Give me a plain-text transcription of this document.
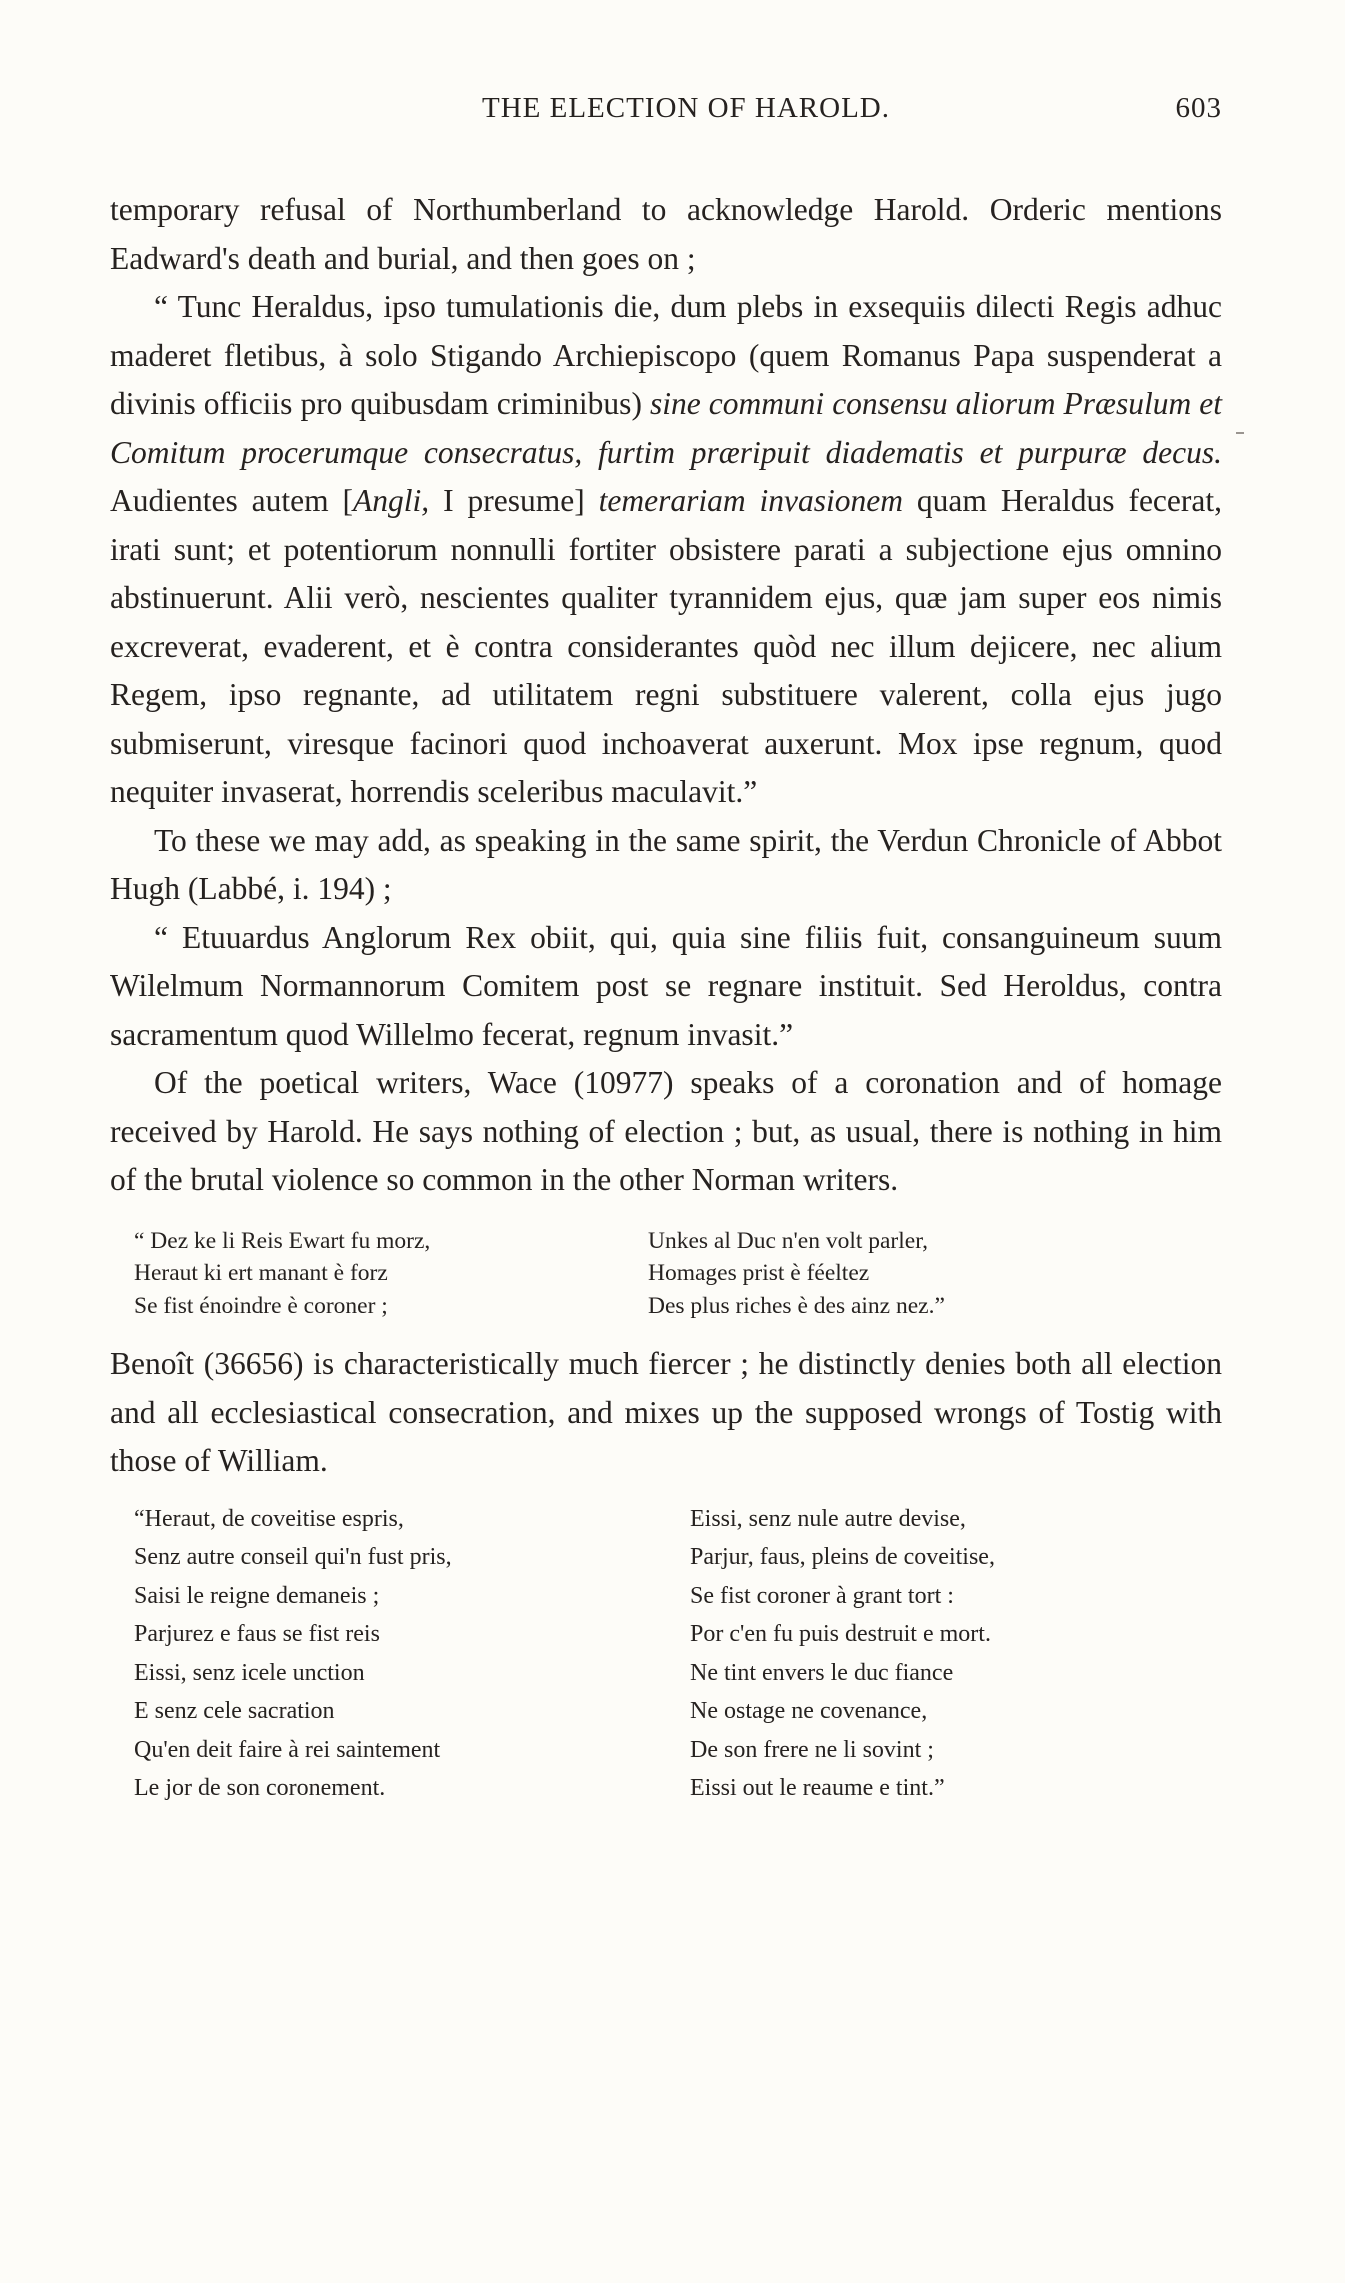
THE ELECTION OF HAROLD.	603

temporary refusal of Northumberland to acknowledge Harold. Orderic mentions Eadward's death and burial, and then goes on ;

“ Tunc Heraldus, ipso tumulationis die, dum plebs in exsequiis dilecti Regis adhuc maderet fletibus, à solo Stigando Archiepiscopo (quem Romanus Papa suspenderat a divinis officiis pro quibusdam criminibus) sine communi consensu aliorum Præsulum et Comitum procerumque consecratus, furtim præripuit diadematis et purpuræ decus. Audientes autem [Angli, I presume] temerariam invasionem quam Heraldus fecerat, irati sunt; et potentiorum nonnulli fortiter obsistere parati a subjectione ejus omnino abstinuerunt. Alii verò, nescientes qualiter tyrannidem ejus, quæ jam super eos nimis excreverat, evaderent, et è contra considerantes quòd nec illum dejicere, nec alium Regem, ipso regnante, ad utilitatem regni substituere valerent, colla ejus jugo submiserunt, viresque facinori quod inchoaverat auxerunt. Mox ipse regnum, quod nequiter invaserat, horrendis sceleribus maculavit.”

To these we may add, as speaking in the same spirit, the Verdun Chronicle of Abbot Hugh (Labbé, i. 194) ;

“ Etuuardus Anglorum Rex obiit, qui, quia sine filiis fuit, consanguineum suum Wilelmum Normannorum Comitem post se regnare instituit. Sed Heroldus, contra sacramentum quod Willelmo fecerat, regnum invasit.”

Of the poetical writers, Wace (10977) speaks of a coronation and of homage received by Harold. He says nothing of election ; but, as usual, there is nothing in him of the brutal violence so common in the other Norman writers.

“ Dez ke li Reis Ewart fu morz,
Heraut ki ert manant è forz
Se fist énoindre è coroner ;
Unkes al Duc n'en volt parler,
Homages prist è féeltez
Des plus riches è des ainz nez.”

Benoît (36656) is characteristically much fiercer ; he distinctly denies both all election and all ecclesiastical consecration, and mixes up the supposed wrongs of Tostig with those of William.

“Heraut, de coveitise espris,
Senz autre conseil qui'n fust pris,
Saisi le reigne demaneis ;
Parjurez e faus se fist reis
Eissi, senz icele unction
E senz cele sacration
Qu'en deit faire à rei saintement
Le jor de son coronement.
Eissi, senz nule autre devise,
Parjur, faus, pleins de coveitise,
Se fist coroner à grant tort :
Por c'en fu puis destruit e mort.
Ne tint envers le duc fiance
Ne ostage ne covenance,
De son frere ne li sovint ;
Eissi out le reaume e tint.”
